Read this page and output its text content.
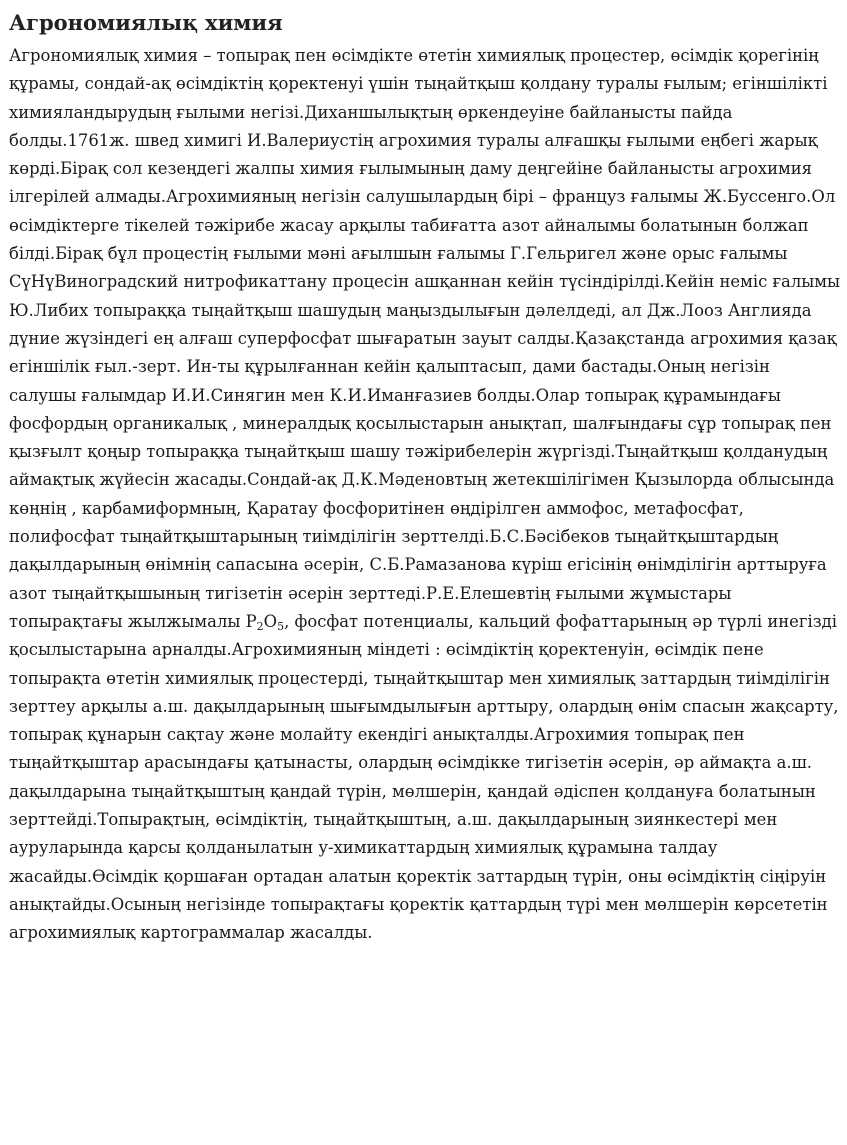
Агрономиялық химия

Агрономиялық химия – топырақ пен өсімдікте өтетін химиялық процестер, өсімдік қорегінің құрамы, сондай-ақ өсімдіктің қоректенуі үшін тыңайтқыш қолдану туралы ғылым; егіншілікті химияландырудың ғылыми негізі.Диханшылықтың өркендеуіне байланысты пайда болды.1761ж. швед химигі И.Валериустің агрохимия туралы алғашқы ғылыми еңбегі жарық көрді.Бірақ сол кезеңдегі жалпы химия ғылымының даму деңгейіне байланысты агрохимия ілгерілей алмады.Агрохимияның негізін салушылардың бірі – француз ғалымы Ж.Буссенго.Ол өсімдіктерге тікелей тәжірибе жасау арқылы табиғатта азот айналымы болатынын болжап білді.Бірақ бұл процестің ғылыми мәні ағылшын ғалымы Г.Гельригел және орыс ғалымы СүНүВиноградский нитрофикаттану процесін ашқаннан кейін түсіндірілді.Кейін неміс ғалымы Ю.Либих топыраққа тыңайтқыш шашудың маңыздылығын дәлелдеді, ал Дж.Лооз Англияда дүние жүзіндегі ең алғаш суперфосфат шығаратын зауыт салды.Қазақстанда агрохимия қазақ егіншілік ғыл.-зерт. Ин-ты құрылғаннан кейін қалыптасып, дами бастады.Оның негізін салушы ғалымдар И.И.Синягин мен К.И.Иманғазиев болды.Олар топырақ құрамындағы фосфордың органикалық , минералдық қосылыстарын анықтап, шалғындағы сұр топырақ пен қызғылт қоңыр топыраққа тыңайтқыш шашу тәжірибелерін жүргізді.Тыңайтқыш қолданудың аймақтық жүйесін жасады.Сондай-ақ Д.К.Мәденовтың жетекшілігімен Қызылорда облысында көңнің , карбамиформның, Қаратау фосфоритінен өңдірілген аммофос, метафосфат, полифосфат тыңайтқыштарының тиімділігін зерттелді.Б.С.Бәсібеков тыңайтқыштардың дақылдарының өнімнің сапасына әсерін, С.Б.Рамазанова күріш егісінің өнімділігін арттыруға азот тыңайтқышының тигізетін әсерін зерттеді.Р.Е.Елешевтің ғылыми жұмыстары топырақтағы жылжымалы $P_2O_5$, фосфат потенциалы, кальций фофаттарының әр түрлі инегізді қосылыстарына арналды.Агрохимияның міндеті : өсімдіктің қоректенуін, өсімдік пене топырақта өтетін химиялық процестерді, тыңайтқыштар мен химиялық заттардың тиімділігін зерттеу арқылы а.ш. дақылдарының шығымдылығын арттыру, олардың өнім спасын жақсарту, топырақ құнарын сақтау және молайту екендігі анықталды.Агрохимия топырақ пен тыңайтқыштар арасындағы қатынасты, олардың өсімдікке тигізетін әсерін, әр аймақта а.ш. дақылдарына тыңайтқыштың қандай түрін, мөлшерін, қандай әдіспен қолдануға болатынын зерттейді.Топырақтың, өсімдіктің, тыңайтқыштың, а.ш. дақылдарының зиянкестері мен ауруларында қарсы қолданылатын у-химикаттардың химиялық құрамына талдау жасайды.Өсімдік қоршаған ортадан алатын қоректік заттардың түрін, оны өсімдіктің сіңіруін анықтайды.Осының негізінде топырақтағы қоректік қаттардың түрі мен мөлшерін көрсететін агрохимиялық картограммалар жасалды.
